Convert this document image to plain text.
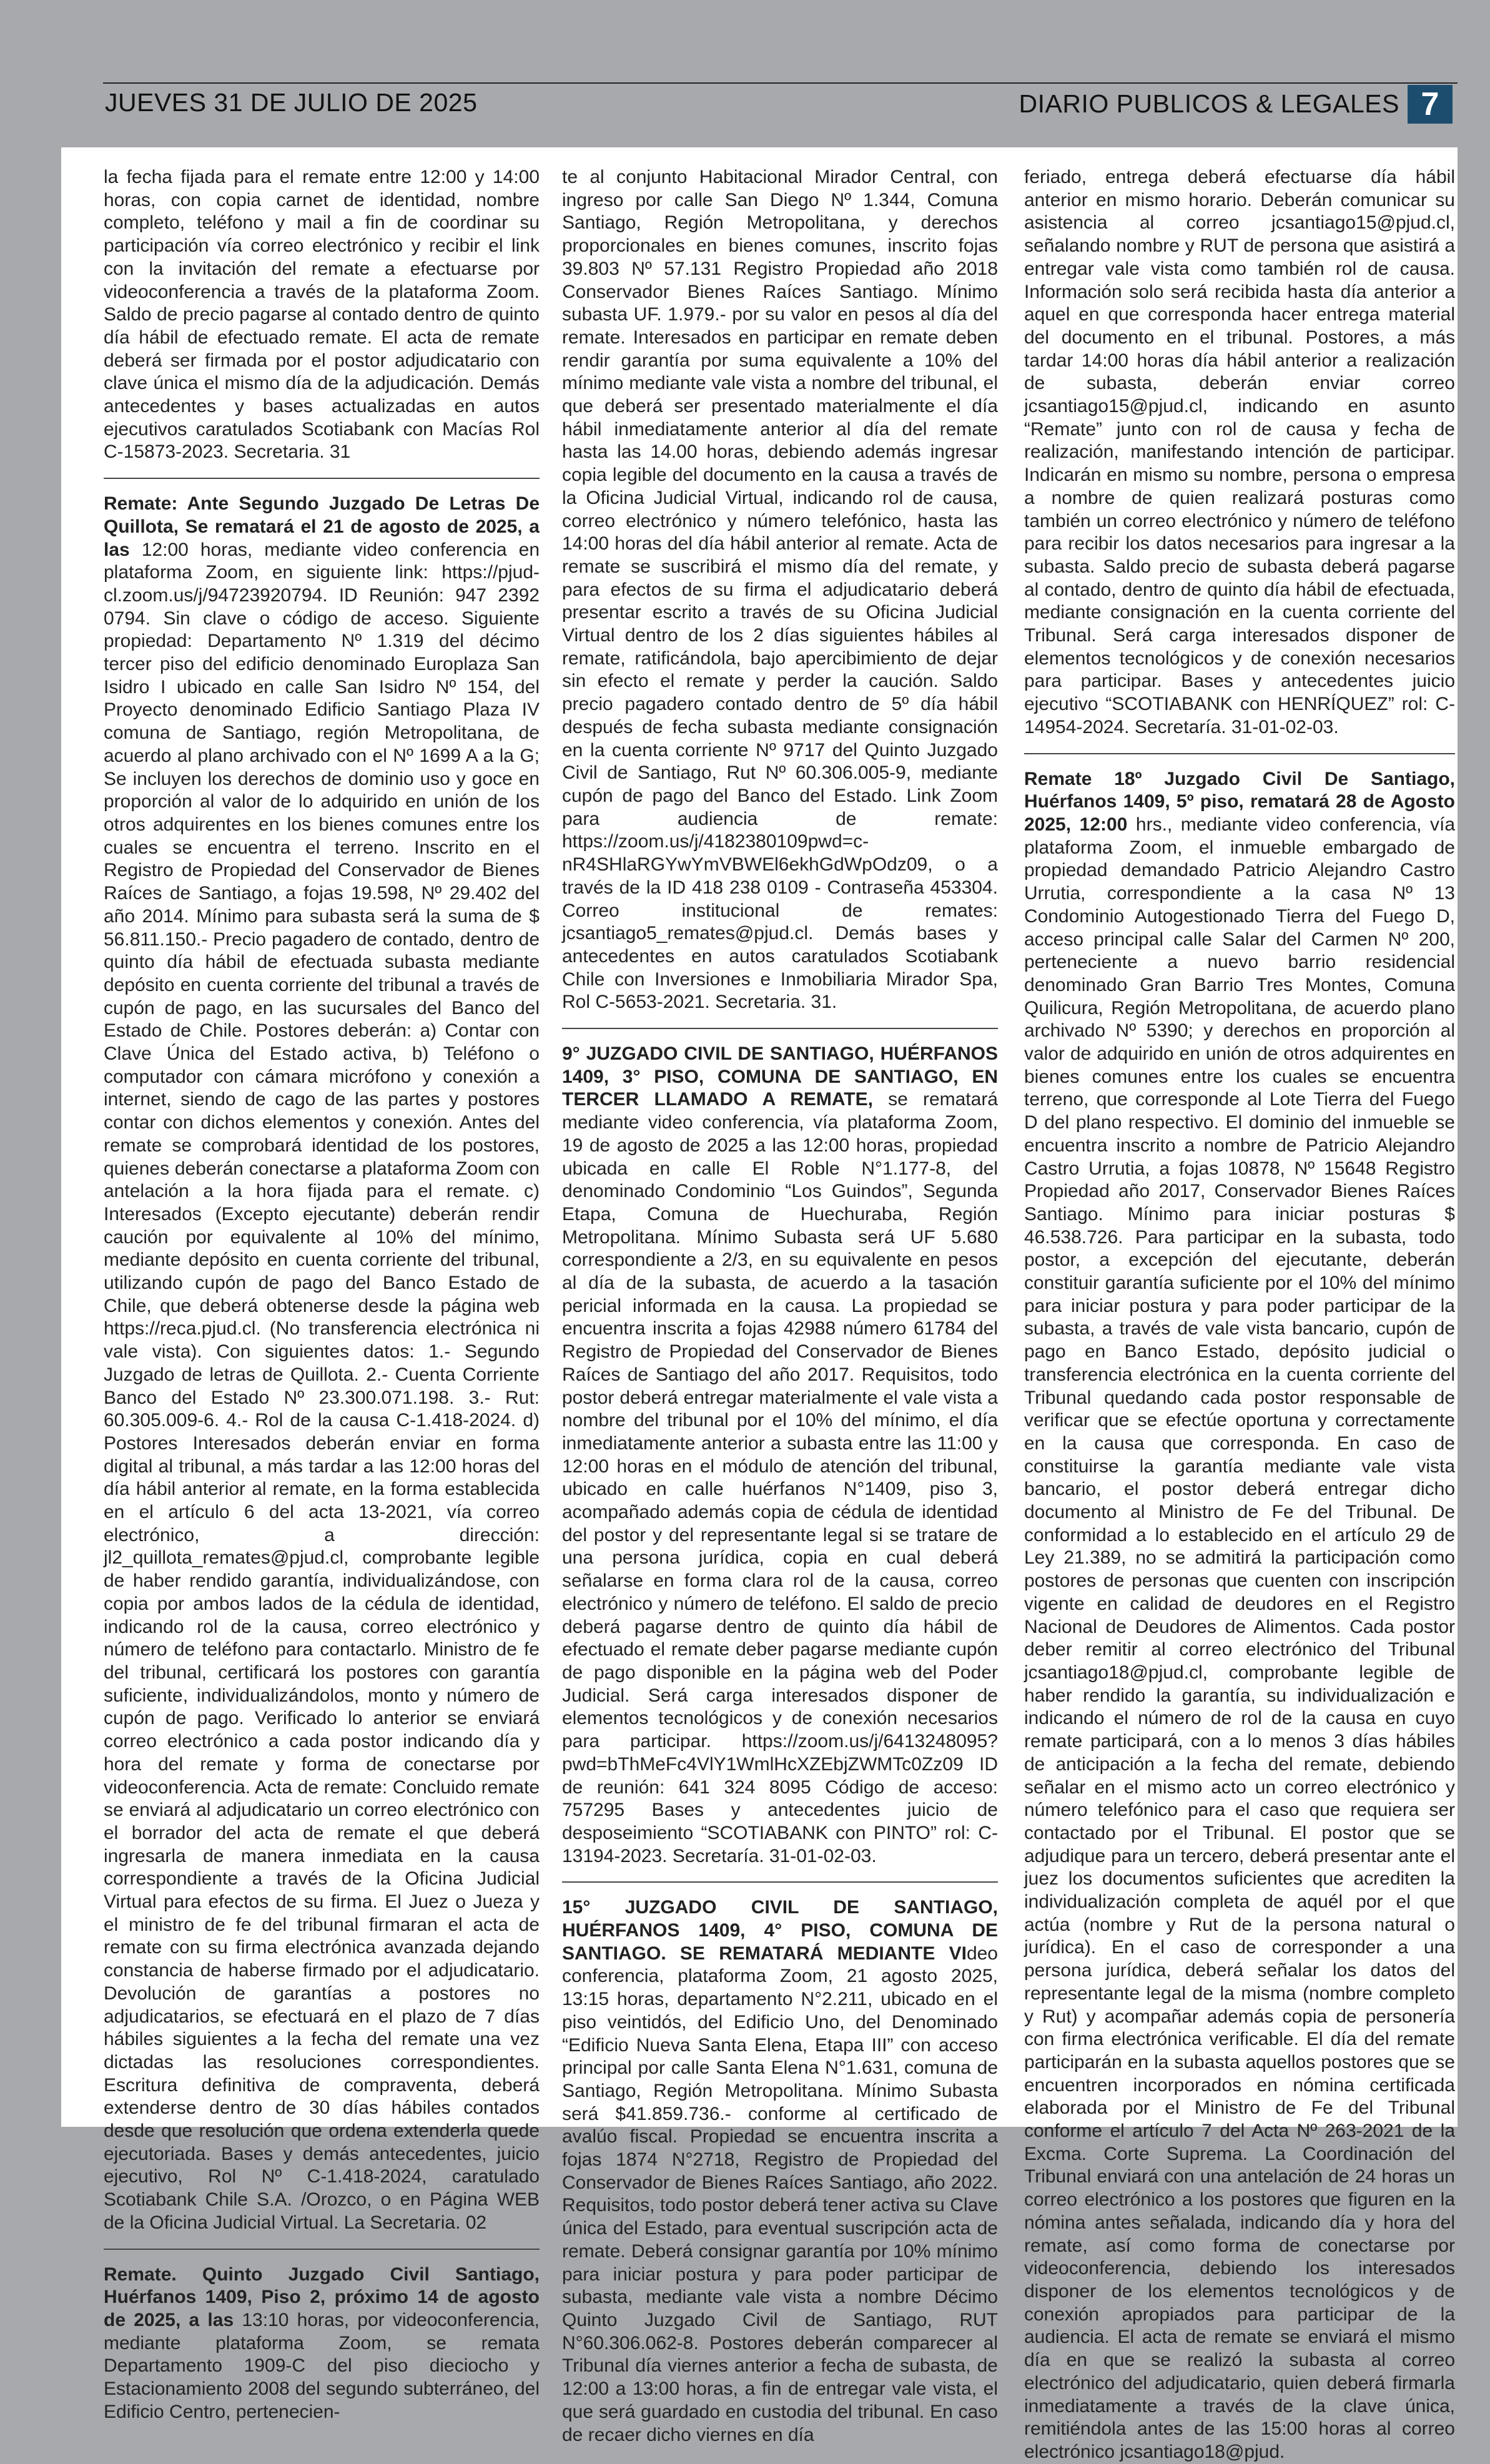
JUEVES 31 DE JULIO DE 2025	DIARIO PUBLICOS & LEGALES 7

la fecha fijada para el remate entre 12:00 y 14:00 horas, con copia carnet de identidad, nombre completo, teléfono y mail a fin de coordinar su participación vía correo electrónico y recibir el link con la invitación del remate a efectuarse por videoconferencia a través de la plataforma Zoom. Saldo de precio pagarse al contado dentro de quinto día hábil de efectuado remate. El acta de remate deberá ser firmada por el postor adjudicatario con clave única el mismo día de la adjudicación. Demás antecedentes y bases actualizadas en autos ejecutivos caratulados Scotiabank con Macías Rol C-15873-2023. Secretaria. 31

Remate: Ante Segundo Juzgado De Letras De Quillota, Se rematará el 21 de agosto de 2025, a las 12:00 horas, mediante video conferencia en plataforma Zoom, en siguiente link: https://pjud-cl.zoom.us/j/94723920794. ID Reunión: 947 2392 0794. Sin clave o código de acceso. Siguiente propiedad: Departamento Nº 1.319 del décimo tercer piso del edificio denominado Europlaza San Isidro I ubicado en calle San Isidro Nº 154, del Proyecto denominado Edificio Santiago Plaza IV comuna de Santiago, región Metropolitana, de acuerdo al plano archivado con el Nº 1699 A a la G; Se incluyen los derechos de dominio uso y goce en proporción al valor de lo adquirido en unión de los otros adquirentes en los bienes comunes entre los cuales se encuentra el terreno. Inscrito en el Registro de Propiedad del Conservador de Bienes Raíces de Santiago, a fojas 19.598, Nº 29.402 del año 2014. Mínimo para subasta será la suma de $ 56.811.150.- Precio pagadero de contado, dentro de quinto día hábil de efectuada subasta mediante depósito en cuenta corriente del tribunal a través de cupón de pago, en las sucursales del Banco del Estado de Chile. Postores deberán: a) Contar con Clave Única del Estado activa, b) Teléfono o computador con cámara micrófono y conexión a internet, siendo de cago de las partes y postores contar con dichos elementos y conexión. Antes del remate se comprobará identidad de los postores, quienes deberán conectarse a plataforma Zoom con antelación a la hora fijada para el remate. c) Interesados (Excepto ejecutante) deberán rendir caución por equivalente al 10% del mínimo, mediante depósito en cuenta corriente del tribunal, utilizando cupón de pago del Banco Estado de Chile, que deberá obtenerse desde la página web https://reca.pjud.cl. (No transferencia electrónica ni vale vista). Con siguientes datos: 1.- Segundo Juzgado de letras de Quillota. 2.- Cuenta Corriente Banco del Estado Nº 23.300.071.198. 3.- Rut: 60.305.009-6. 4.- Rol de la causa C-1.418-2024. d) Postores Interesados deberán enviar en forma digital al tribunal, a más tardar a las 12:00 horas del día hábil anterior al remate, en la forma establecida en el artículo 6 del acta 13-2021, vía correo electrónico, a dirección: jl2_quillota_remates@pjud.cl, comprobante legible de haber rendido garantía, individualizándose, con copia por ambos lados de la cédula de identidad, indicando rol de la causa, correo electrónico y número de teléfono para contactarlo. Ministro de fe del tribunal, certificará los postores con garantía suficiente, individualizándolos, monto y número de cupón de pago. Verificado lo anterior se enviará correo electrónico a cada postor indicando día y hora del remate y forma de conectarse por videoconferencia. Acta de remate: Concluido remate se enviará al adjudicatario un correo electrónico con el borrador del acta de remate el que deberá ingresarla de manera inmediata en la causa correspondiente a través de la Oficina Judicial Virtual para efectos de su firma. El Juez o Jueza y el ministro de fe del tribunal firmaran el acta de remate con su firma electrónica avanzada dejando constancia de haberse firmado por el adjudicatario. Devolución de garantías a postores no adjudicatarios, se efectuará en el plazo de 7 días hábiles siguientes a la fecha del remate una vez dictadas las resoluciones correspondientes. Escritura definitiva de compraventa, deberá extenderse dentro de 30 días hábiles contados desde que resolución que ordena extenderla quede ejecutoriada. Bases y demás antecedentes, juicio ejecutivo, Rol Nº C-1.418-2024, caratulado Scotiabank Chile S.A. /Orozco, o en Página WEB de la Oficina Judicial Virtual. La Secretaria. 02

Remate. Quinto Juzgado Civil Santiago, Huérfanos 1409, Piso 2, próximo 14 de agosto de 2025, a las 13:10 horas, por videoconferencia, mediante plataforma Zoom, se remata Departamento 1909-C del piso dieciocho y Estacionamiento 2008 del segundo subterráneo, del Edificio Centro, pertenecien-

te al conjunto Habitacional Mirador Central, con ingreso por calle San Diego Nº 1.344, Comuna Santiago, Región Metropolitana, y derechos proporcionales en bienes comunes, inscrito fojas 39.803 Nº 57.131 Registro Propiedad año 2018 Conservador Bienes Raíces Santiago. Mínimo subasta UF. 1.979.- por su valor en pesos al día del remate. Interesados en participar en remate deben rendir garantía por suma equivalente a 10% del mínimo mediante vale vista a nombre del tribunal, el que deberá ser presentado materialmente el día hábil inmediatamente anterior al día del remate hasta las 14.00 horas, debiendo además ingresar copia legible del documento en la causa a través de la Oficina Judicial Virtual, indicando rol de causa, correo electrónico y número telefónico, hasta las 14:00 horas del día hábil anterior al remate. Acta de remate se suscribirá el mismo día del remate, y para efectos de su firma el adjudicatario deberá presentar escrito a través de su Oficina Judicial Virtual dentro de los 2 días siguientes hábiles al remate, ratificándola, bajo apercibimiento de dejar sin efecto el remate y perder la caución. Saldo precio pagadero contado dentro de 5º día hábil después de fecha subasta mediante consignación en la cuenta corriente Nº 9717 del Quinto Juzgado Civil de Santiago, Rut Nº 60.306.005-9, mediante cupón de pago del Banco del Estado. Link Zoom para audiencia de remate: https://zoom.us/j/4182380109pwd=c-nR4SHlaRGYwYmVBWEl6ekhGdWpOdz09, o a través de la ID 418 238 0109 - Contraseña 453304. Correo institucional de remates: jcsantiago5_remates@pjud.cl. Demás bases y antecedentes en autos caratulados Scotiabank Chile con Inversiones e Inmobiliaria Mirador Spa, Rol C-5653-2021. Secretaria. 31.

9° JUZGADO CIVIL DE SANTIAGO, HUÉRFANOS 1409, 3° PISO, COMUNA DE SANTIAGO, EN TERCER LLAMADO A REMATE, se rematará mediante video conferencia, vía plataforma Zoom, 19 de agosto de 2025 a las 12:00 horas, propiedad ubicada en calle El Roble N°1.177-8, del denominado Condominio “Los Guindos”, Segunda Etapa, Comuna de Huechuraba, Región Metropolitana. Mínimo Subasta será UF 5.680 correspondiente a 2/3, en su equivalente en pesos al día de la subasta, de acuerdo a la tasación pericial informada en la causa. La propiedad se encuentra inscrita a fojas 42988 número 61784 del Registro de Propiedad del Conservador de Bienes Raíces de Santiago del año 2017. Requisitos, todo postor deberá entregar materialmente el vale vista a nombre del tribunal por el 10% del mínimo, el día inmediatamente anterior a subasta entre las 11:00 y 12:00 horas en el módulo de atención del tribunal, ubicado en calle huérfanos N°1409, piso 3, acompañado además copia de cédula de identidad del postor y del representante legal si se tratare de una persona jurídica, copia en cual deberá señalarse en forma clara rol de la causa, correo electrónico y número de teléfono. El saldo de precio deberá pagarse dentro de quinto día hábil de efectuado el remate deber pagarse mediante cupón de pago disponible en la página web del Poder Judicial. Será carga interesados disponer de elementos tecnológicos y de conexión necesarios para participar. https://zoom.us/j/6413248095?pwd=bThMeFc4VlY1WmlHcXZEbjZWMTc0Zz09 ID de reunión: 641 324 8095 Código de acceso: 757295 Bases y antecedentes juicio de desposeimiento “SCOTIABANK con PINTO” rol: C-13194-2023. Secretaría. 31-01-02-03.

15° JUZGADO CIVIL DE SANTIAGO, HUÉRFANOS 1409, 4° PISO, COMUNA DE SANTIAGO. SE REMATARÁ MEDIANTE VIdeo conferencia, plataforma Zoom, 21 agosto 2025, 13:15 horas, departamento N°2.211, ubicado en el piso veintidós, del Edificio Uno, del Denominado “Edificio Nueva Santa Elena, Etapa III” con acceso principal por calle Santa Elena N°1.631, comuna de Santiago, Región Metropolitana. Mínimo Subasta será $41.859.736.- conforme al certificado de avalúo fiscal. Propiedad se encuentra inscrita a fojas 1874 N°2718, Registro de Propiedad del Conservador de Bienes Raíces Santiago, año 2022. Requisitos, todo postor deberá tener activa su Clave única del Estado, para eventual suscripción acta de remate. Deberá consignar garantía por 10% mínimo para iniciar postura y para poder participar de subasta, mediante vale vista a nombre Décimo Quinto Juzgado Civil de Santiago, RUT N°60.306.062-8. Postores deberán comparecer al Tribunal día viernes anterior a fecha de subasta, de 12:00 a 13:00 horas, a fin de entregar vale vista, el que será guardado en custodia del tribunal. En caso de recaer dicho viernes en día

feriado, entrega deberá efectuarse día hábil anterior en mismo horario. Deberán comunicar su asistencia al correo jcsantiago15@pjud.cl, señalando nombre y RUT de persona que asistirá a entregar vale vista como también rol de causa. Información solo será recibida hasta día anterior a aquel en que corresponda hacer entrega material del documento en el tribunal. Postores, a más tardar 14:00 horas día hábil anterior a realización de subasta, deberán enviar correo jcsantiago15@pjud.cl, indicando en asunto “Remate” junto con rol de causa y fecha de realización, manifestando intención de participar. Indicarán en mismo su nombre, persona o empresa a nombre de quien realizará posturas como también un correo electrónico y número de teléfono para recibir los datos necesarios para ingresar a la subasta. Saldo precio de subasta deberá pagarse al contado, dentro de quinto día hábil de efectuada, mediante consignación en la cuenta corriente del Tribunal. Será carga interesados disponer de elementos tecnológicos y de conexión necesarios para participar. Bases y antecedentes juicio ejecutivo “SCOTIABANK con HENRÍQUEZ” rol: C-14954-2024. Secretaría. 31-01-02-03.

Remate 18º Juzgado Civil De Santiago, Huérfanos 1409, 5º piso, rematará 28 de Agosto 2025, 12:00 hrs., mediante video conferencia, vía plataforma Zoom, el inmueble embargado de propiedad demandado Patricio Alejandro Castro Urrutia, correspondiente a la casa Nº 13 Condominio Autogestionado Tierra del Fuego D, acceso principal calle Salar del Carmen Nº 200, perteneciente a nuevo barrio residencial denominado Gran Barrio Tres Montes, Comuna Quilicura, Región Metropolitana, de acuerdo plano archivado Nº 5390; y derechos en proporción al valor de adquirido en unión de otros adquirentes en bienes comunes entre los cuales se encuentra terreno, que corresponde al Lote Tierra del Fuego D del plano respectivo. El dominio del inmueble se encuentra inscrito a nombre de Patricio Alejandro Castro Urrutia, a fojas 10878, Nº 15648 Registro Propiedad año 2017, Conservador Bienes Raíces Santiago. Mínimo para iniciar posturas $ 46.538.726. Para participar en la subasta, todo postor, a excepción del ejecutante, deberán constituir garantía suficiente por el 10% del mínimo para iniciar postura y para poder participar de la subasta, a través de vale vista bancario, cupón de pago en Banco Estado, depósito judicial o transferencia electrónica en la cuenta corriente del Tribunal quedando cada postor responsable de verificar que se efectúe oportuna y correctamente en la causa que corresponda. En caso de constituirse la garantía mediante vale vista bancario, el postor deberá entregar dicho documento al Ministro de Fe del Tribunal. De conformidad a lo establecido en el artículo 29 de Ley 21.389, no se admitirá la participación como postores de personas que cuenten con inscripción vigente en calidad de deudores en el Registro Nacional de Deudores de Alimentos. Cada postor deber remitir al correo electrónico del Tribunal jcsantiago18@pjud.cl, comprobante legible de haber rendido la garantía, su individualización e indicando el número de rol de la causa en cuyo remate participará, con a lo menos 3 días hábiles de anticipación a la fecha del remate, debiendo señalar en el mismo acto un correo electrónico y número telefónico para el caso que requiera ser contactado por el Tribunal. El postor que se adjudique para un tercero, deberá presentar ante el juez los documentos suficientes que acrediten la individualización completa de aquél por el que actúa (nombre y Rut de la persona natural o jurídica). En el caso de corresponder a una persona jurídica, deberá señalar los datos del representante legal de la misma (nombre completo y Rut) y acompañar además copia de personería con firma electrónica verificable. El día del remate participarán en la subasta aquellos postores que se encuentren incorporados en nómina certificada elaborada por el Ministro de Fe del Tribunal conforme el artículo 7 del Acta Nº 263-2021 de la Excma. Corte Suprema. La Coordinación del Tribunal enviará con una antelación de 24 horas un correo electrónico a los postores que figuren en la nómina antes señalada, indicando día y hora del remate, así como forma de conectarse por videoconferencia, debiendo los interesados disponer de los elementos tecnológicos y de conexión apropiados para participar de la audiencia. El acta de remate se enviará el mismo día en que se realizó la subasta al correo electrónico del adjudicatario, quien deberá firmarla inmediatamente a través de la clave única, remitiéndola antes de las 15:00 horas al correo electrónico jcsantiago18@pjud.
